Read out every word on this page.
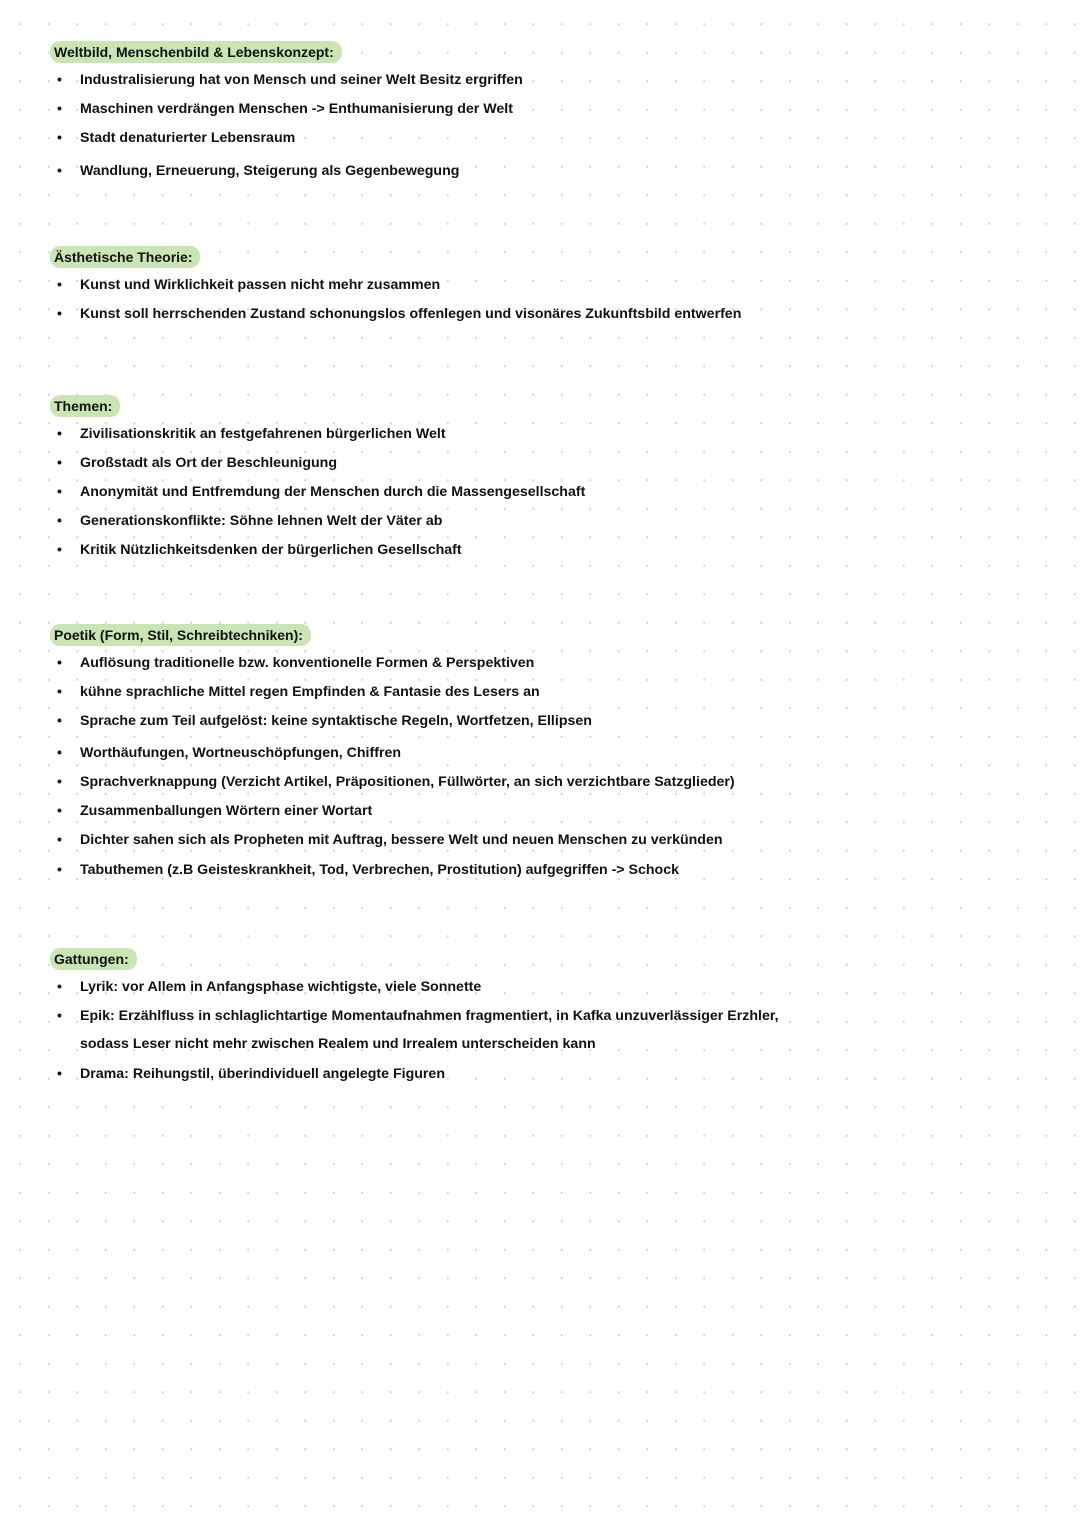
Weltbild, Menschenbild & Lebenskonzept:
• Industralisierung hat von Mensch und seiner Welt Besitz ergriffen
• Maschinen verdrängen Menschen -> Enthumanisierung der Welt
• Stadt denaturierter Lebensraum
• Wandlung, Erneuerung, Steigerung als Gegenbewegung
Ästhetische Theorie:
• Kunst und Wirklichkeit passen nicht mehr zusammen
• Kunst soll herrschenden Zustand schonungslos offenlegen und visonäres Zukunftsbild entwerfen
Themen:
• Zivilisationskritik an festgefahrenen bürgerlichen Welt
• Großstadt als Ort der Beschleunigung
• Anonymität und Entfremdung der Menschen durch die Massengesellschaft
• Generationskonflikte: Söhne lehnen Welt der Väter ab
• Kritik Nützlichkeitsdenken der bürgerlichen Gesellschaft
Poetik (Form, Stil, Schreibtechniken):
• Auflösung traditionelle bzw. konventionelle Formen & Perspektiven
• kühne sprachliche Mittel regen Empfinden & Fantasie des Lesers an
• Sprache zum Teil aufgelöst: keine syntaktische Regeln, Wortfetzen, Ellipsen
• Worthäufungen, Wortneuschöpfungen, Chiffren
• Sprachverknappung (Verzicht Artikel, Präpositionen, Füllwörter, an sich verzichtbare Satzglieder)
• Zusammenballungen Wörtern einer Wortart
• Dichter sahen sich als Propheten mit Auftrag, bessere Welt und neuen Menschen zu verkünden
• Tabuthemen (z.B Geisteskrankheit, Tod, Verbrechen, Prostitution) aufgegriffen -> Schock
Gattungen:
• Lyrik: vor Allem in Anfangsphase wichtigste, viele Sonnette
• Epik: Erzählfluss in schlaglichtartige Momentaufnahmen fragmentiert, in Kafka unzuverlässiger Erzhler,
sodass Leser nicht mehr zwischen Realem und Irrealem unterscheiden kann
• Drama: Reihungstil, überindividuell angelegte Figuren
